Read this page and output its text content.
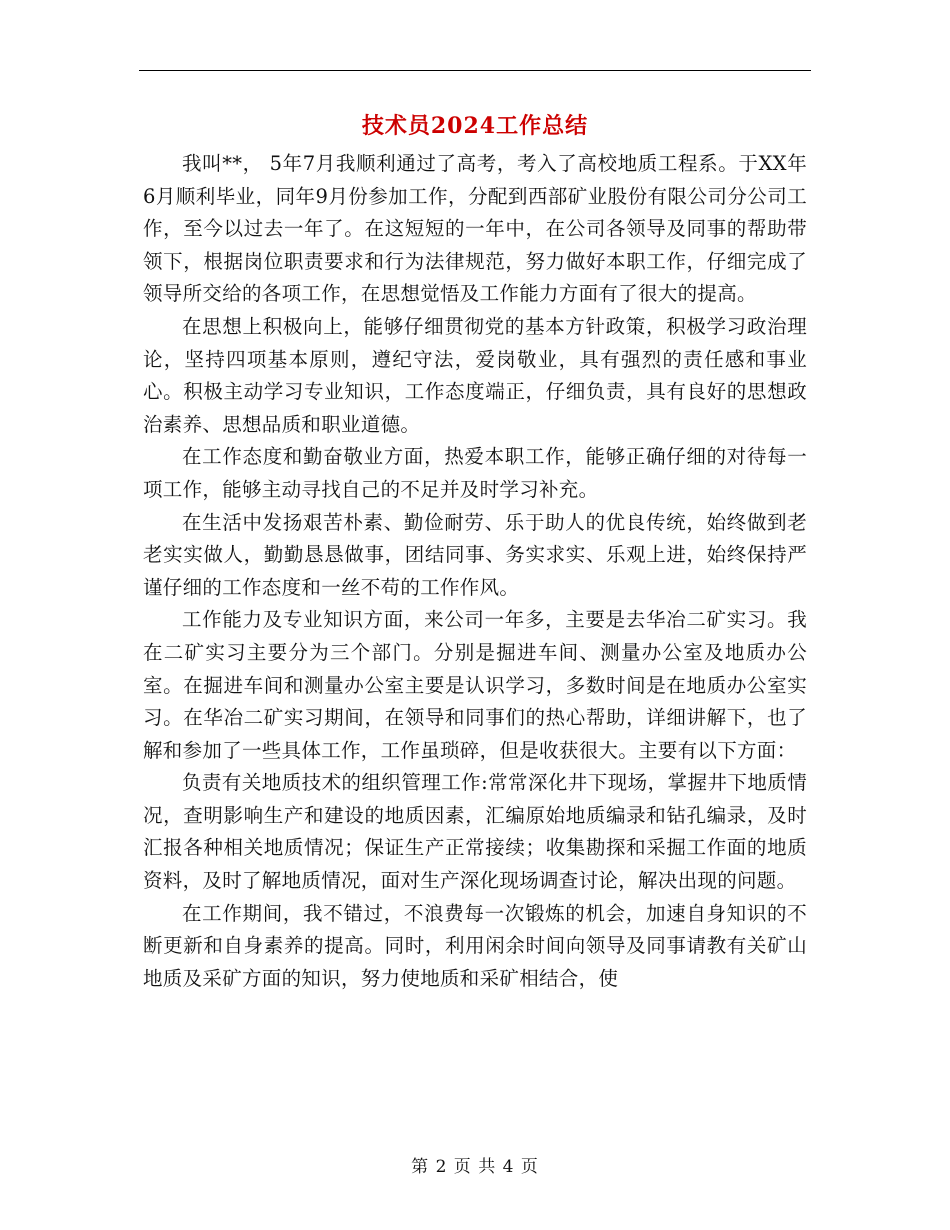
技术员2024工作总结

我叫**， 5年7月我顺利通过了高考，考入了高校地质工程系。于XX年6月顺利毕业，同年9月份参加工作，分配到西部矿业股份有限公司分公司工作，至今以过去一年了。在这短短的一年中，在公司各领导及同事的帮助带领下，根据岗位职责要求和行为法律规范，努力做好本职工作，仔细完成了领导所交给的各项工作，在思想觉悟及工作能力方面有了很大的提高。

在思想上积极向上，能够仔细贯彻党的基本方针政策，积极学习政治理论，坚持四项基本原则，遵纪守法，爱岗敬业，具有强烈的责任感和事业心。积极主动学习专业知识，工作态度端正，仔细负责，具有良好的思想政治素养、思想品质和职业道德。

在工作态度和勤奋敬业方面，热爱本职工作，能够正确仔细的对待每一项工作，能够主动寻找自己的不足并及时学习补充。

在生活中发扬艰苦朴素、勤俭耐劳、乐于助人的优良传统，始终做到老老实实做人，勤勤恳恳做事，团结同事、务实求实、乐观上进，始终保持严谨仔细的工作态度和一丝不苟的工作作风。

工作能力及专业知识方面，来公司一年多，主要是去华冶二矿实习。我在二矿实习主要分为三个部门。分别是掘进车间、测量办公室及地质办公室。在掘进车间和测量办公室主要是认识学习，多数时间是在地质办公室实习。在华冶二矿实习期间，在领导和同事们的热心帮助，详细讲解下，也了解和参加了一些具体工作，工作虽琐碎，但是收获很大。主要有以下方面：

负责有关地质技术的组织管理工作:常常深化井下现场，掌握井下地质情况，查明影响生产和建设的地质因素，汇编原始地质编录和钻孔编录，及时汇报各种相关地质情况；保证生产正常接续；收集勘探和采掘工作面的地质资料，及时了解地质情况，面对生产深化现场调查讨论，解决出现的问题。

在工作期间，我不错过，不浪费每一次锻炼的机会，加速自身知识的不断更新和自身素养的提高。同时，利用闲余时间向领导及同事请教有关矿山地质及采矿方面的知识，努力使地质和采矿相结合，使

第 2 页 共 4 页
